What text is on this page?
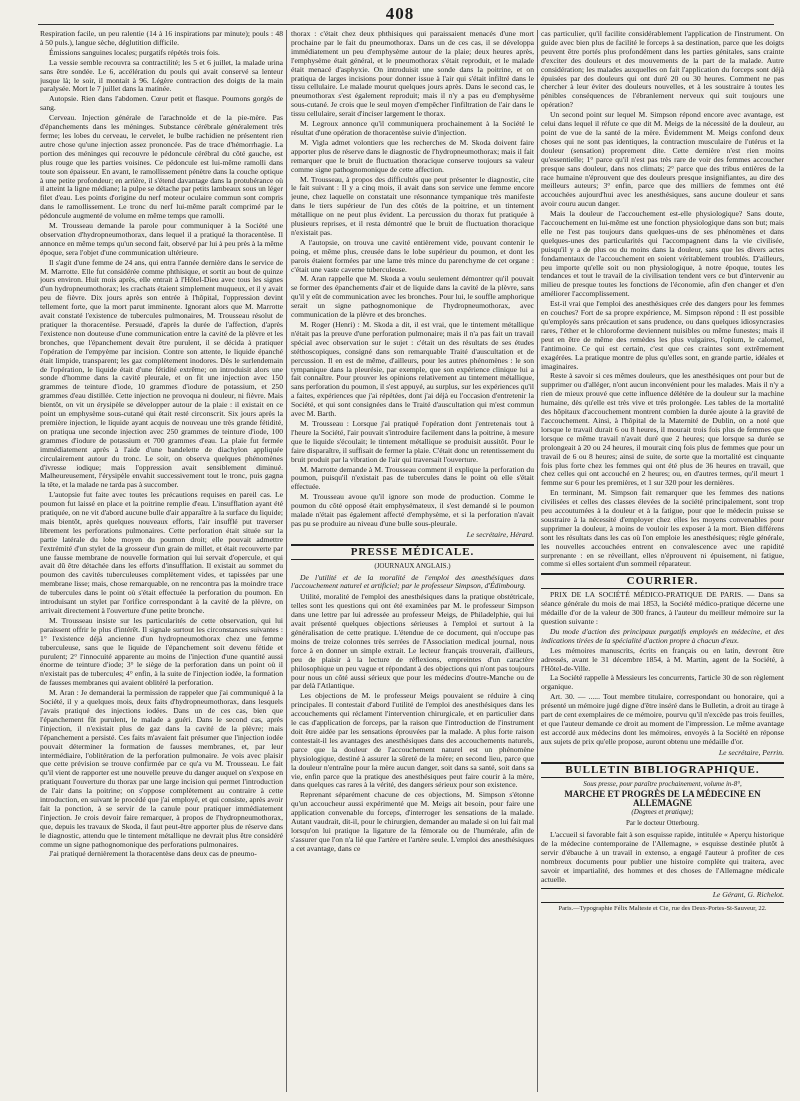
408

Respiration facile, un peu ralentie (14 à 16 inspirations par minute); pouls : 48 à 50 puls.), langue sèche, déglutition difficile.

Émissions sanguines locales; purgatifs répétés trois fois.

La vessie semble recouvra sa contractilité; les 5 et 6 juillet, la malade urina sans être sondée. Le 6, accélération du pouls qui avait conservé sa lenteur jusque là; le soir, il montait à 96. Légère contraction des doigts de la main paralysée. Mort le 7 juillet dans la matinée.

Autopsie. Rien dans l'abdomen. Cœur petit et flasque. Poumons gorgés de sang.

Cerveau. Injection générale de l'arachnoïde et de la pie-mère. Pas d'épanchements dans les méninges. Substance cérébrale généralement très ferme; les lobes du cerveau, le cervelet, le bulbe rachidien ne présentent rien autre chose qu'une injection assez prononcée. Pas de trace d'hémorrhagie. La portion des méninges qui recouvre le pédoncule cérébral du côté gauche, est plus rouge que les parties voisines. Ce pédoncule est lui-même ramolli dans toute son épaisseur. En avant, le ramollissement pénètre dans la couche optique à une petite profondeur; en arrière, il s'étend davantage dans la protubérance où il atteint la ligne médiane; la pulpe se détache par petits lambeaux sous un léger filet d'eau. Les points d'origine du nerf moteur oculaire commun sont compris dans le ramollissement. Le tronc du nerf lui-même paraît comprimé par le pédoncule augmenté de volume en même temps que ramolli.

M. Trousseau demande la parole pour communiquer à la Société une observation d'hydropneumothorax, dans lequel il a pratiqué la thoracentèse. Il annonce en même temps qu'un second fait, observé par lui à peu près à la même époque, sera l'objet d'une communication ultérieure.

Il s'agit d'une femme de 24 ans, qui entra l'année dernière dans le service de M. Marrotte. Elle fut considérée comme phthisique, et sortit au bout de quinze jours environ. Huit mois après, elle entrait à l'Hôtel-Dieu avec tous les signes d'un hydropneumothorax; les crachats étaient simplement muqueux, et il y avait peu de fièvre. Dix jours après son entrée à l'hôpital, l'oppression devint tellement forte, que la mort parut imminente. Ignorant alors que M. Marrotte avait constaté l'existence de tubercules pulmonaires, M. Trousseau résolut de pratiquer la thoracentèse. Persuadé, d'après la durée de l'affection, d'après l'existence non douteuse d'une communication entre la cavité de la plèvre et les bronches, que l'épanchement devait être purulent, il se décida à pratiquer l'opération de l'empyème par incision. Contre son attente, le liquide épanché était limpide, transparent; les gaz complètement inodores. Dès le surlendemain de l'opération, le liquide était d'une fétidité extrême; on introduisit alors une sonde d'homme dans la cavité pleurale, et on fit une injection avec 150 grammes de teinture d'iode, 10 grammes d'iodure de potassium, et 250 grammes d'eau distillée. Cette injection ne provoqua ni douleur, ni fièvre. Mais bientôt, on vit un érysipèle se développer autour de la plaie : il existait en ce point un emphysème sous-cutané qui était resté circonscrit. Six jours après la première injection, le liquide ayant acquis de nouveau une très grande fétidité, on pratiqua une seconde injection avec 250 grammes de teinture d'iode, 100 grammes d'iodure de potassium et 700 grammes d'eau. La plaie fut fermée immédiatement après à l'aide d'une bandelette de diachylon appliquée circulairement autour du tronc. Le soir, on observa quelques phénomènes d'ivresse iodique; mais l'oppression avait sensiblement diminué. Malheureusement, l'érysipèle envahit successivement tout le tronc, puis gagna la tête, et la malade ne tarda pas à succomber.

L'autopsie fut faite avec toutes les précautions requises en pareil cas. Le poumon fut laissé en place et la poitrine remplie d'eau. L'insufflation ayant été pratiquée, on ne vit d'abord aucune bulle d'air apparaître à la surface du liquide; mais bientôt, après quelques nouveaux efforts, l'air insufflé put traverser librement les perforations pulmonaires. Cette perforation était située sur la partie latérale du lobe moyen du poumon droit; elle pouvait admettre l'extrémité d'un stylet de la grosseur d'un grain de millet, et était recouverte par une fausse membrane de nouvelle formation qui lui servait d'opercule, et qui avait dû être détachée dans les efforts d'insufflation. Il existait au sommet du poumon des cavités tuberculeuses complètement vides, et tapissées par une membrane lisse; mais, chose remarquable, on ne rencontra pas la moindre trace de tubercules dans le point où s'était effectuée la perforation du poumon. En introduisant un stylet par l'orifice correspondant à la cavité de la plèvre, on arrivait directement à l'ouverture d'une petite bronche.

M. Trousseau insiste sur les particularités de cette observation, qui lui paraissent offrir le plus d'intérêt. Il signale surtout les circonstances suivantes : 1° l'existence déjà ancienne d'un hydropneumothorax chez une femme tuberculeuse, sans que le liquide de l'épanchement soit devenu fétide et purulent; 2° l'innocuité apparente au moins de l'injection d'une quantité aussi énorme de teinture d'iode; 3° le siège de la perforation dans un point où il n'existait pas de tubercules; 4° enfin, à la suite de l'injection iodée, la formation de fausses membranes qui avaient oblitéré la perforation.

M. Aran : Je demanderai la permission de rappeler que j'ai communiqué à la Société, il y a quelques mois, deux faits d'hydropneumothorax, dans lesquels j'avais pratiqué des injections iodées. Dans un de ces cas, bien que l'épanchement fût purulent, le malade a guéri. Dans le second cas, après l'injection, il n'existait plus de gaz dans la cavité de la plèvre; mais l'épanchement a persisté. Ces faits m'avaient fait présumer que l'injection iodée pouvait déterminer la formation de fausses membranes, et, par leur intermédiaire, l'oblitération de la perforation pulmonaire. Je vois avec plaisir que cette prévision se trouve confirmée par ce qu'a vu M. Trousseau. Le fait qu'il vient de rapporter est une nouvelle preuve du danger auquel on s'expose en pratiquant l'ouverture du thorax par une large incision qui permet l'introduction de l'air dans la poitrine; on s'oppose complètement au contraire à cette introduction, en suivant le procédé que j'ai employé, et qui consiste, après avoir fait la ponction, à se servir de la canule pour pratiquer immédiatement l'injection. Je crois devoir faire remarquer, à propos de l'hydropneumothorax, que, depuis les travaux de Skoda, il faut peut-être apporter plus de réserve dans le diagnostic, attendu que le tintement métallique ne devrait plus être considéré comme un signe pathognomonique des perforations pulmonaires.

J'ai pratiqué dernièrement la thoracentèse dans deux cas de pneumo-

thorax : c'était chez deux phthisiques qui paraissaient menacés d'une mort prochaine par le fait du pneumothorax. Dans un de ces cas, il se développa immédiatement un peu d'emphysème autour de la plaie; deux heures après, l'emphysème était général, et le pneumothorax s'était reproduit, et le malade était menacé d'asphyxie. On introduisit une sonde dans la poitrine, et on pratiqua de larges incisions pour donner issue à l'air qui s'était infiltré dans le tissu cellulaire. Le malade mourut quelques jours après. Dans le second cas, le pneumothorax s'est également reproduit; mais il n'y a pas eu d'emphysème sous-cutané. Je crois que le seul moyen d'empêcher l'infiltration de l'air dans le tissu cellulaire, serait d'inciser largement le thorax.

M. Legroux annonce qu'il communiquera prochainement à la Société le résultat d'une opération de thoracentèse suivie d'injection.

M. Vigla admet volontiers que les recherches de M. Skoda doivent faire apporter plus de réserve dans le diagnostic de l'hydropneumothorax; mais il fait remarquer que le bruit de fluctuation thoracique conserve toujours sa valeur comme signe pathognomonique de cette affection.

M. Trousseau, à propos des difficultés que peut présenter le diagnostic, cite le fait suivant : Il y a cinq mois, il avait dans son service une femme encore jeune, chez laquelle on constatait une résonnance tympanique très manifeste dans le tiers supérieur de l'un des côtés de la poitrine, et un tintement métallique on ne peut plus évident. La percussion du thorax fut pratiquée à plusieurs reprises, et il resta démontré que le bruit de fluctuation thoracique n'existait pas.

A l'autopsie, on trouva une cavité entièrement vide, pouvant contenir le poing, et même plus, creusée dans le lobe supérieur du poumon, et dont les parois étaient formées par une lame très mince du parenchyme de cet organe : c'était une vaste caverne tuberculeuse.

M. Aran rappelle que M. Skoda a voulu seulement démontrer qu'il pouvait se former des épanchements d'air et de liquide dans la cavité de la plèvre, sans qu'il y eût de communication avec les bronches. Pour lui, le souffle amphorique serait un signe pathognomonique de l'hydropneumothorax, avec communication de la plèvre et des bronches.

M. Roger (Henri) : M. Skoda a dit, il est vrai, que le tintement métallique n'était pas la preuve d'une perforation pulmonaire; mais il n'a pas fait un travail spécial avec observation sur le sujet : c'était un des résultats de ses études stéthoscopiques, consigné dans son remarquable Traité d'auscultation et de percussion. Il en est de même, d'ailleurs, pour les autres phénomènes : le son tympanique dans la pleurésie, par exemple, que son expérience clinique lui a fait connaître. Pour prouver les opinions relativement au tintement métallique, sans perforation du poumon, il s'est appuyé, au surplus, sur les expériences qu'il a faites, expériences que j'ai répétées, dont j'ai déjà eu l'occasion d'entretenir la Société, et qui sont consignées dans le Traité d'auscultation qui m'est commun avec M. Barth.

M. Trousseau : Lorsque j'ai pratiqué l'opération dont j'entretenais tout à l'heure la Société, l'air pouvait s'introduire facilement dans la poitrine, à mesure que le liquide s'écoulait; le tintement métallique se produisit aussitôt. Pour le faire disparaître, il suffisait de fermer la plaie. C'était donc un retentissement du bruit produit par la vibration de l'air qui traversait l'ouverture.

M. Marrotte demande à M. Trousseau comment il explique la perforation du poumon, puisqu'il n'existait pas de tubercules dans le point où elle s'était effectuée.

M. Trousseau avoue qu'il ignore son mode de production. Comme le poumon du côté opposé était emphysémateux, il s'est demandé si le poumon malade n'était pas également affecté d'emphysème, et si la perforation n'avait pas pu se produire au niveau d'une bulle sous-pleurale.

Le secrétaire, Hérard.
PRESSE MÉDICALE.
(JOURNAUX ANGLAIS.)
De l'utilité et de la moralité de l'emploi des anesthésiques dans l'accouchement naturel et artificiel; par le professeur Simpson, d'Édimbourg.

Utilité, moralité de l'emploi des anesthésiques dans la pratique obstétricale, telles sont les questions qui ont été examinées par M. le professeur Simpson dans une lettre par lui adressée au professeur Meigs, de Philadelphie, qui lui avait présenté quelques objections sérieuses à l'emploi et surtout à la généralisation de cette pratique. L'étendue de ce document, qui n'occupe pas moins de treize colonnes très serrées de l'Association medical journal, nous force à en donner un simple extrait. Le lecteur français trouverait, d'ailleurs, peu de plaisir à la lecture de réflexions, empreintes d'un caractère philosophique un peu vague et répondant à des objections qui n'ont pas toujours pour nous un côté aussi sérieux que pour les médecins d'outre-Manche ou de par delà l'Atlantique.

Les objections de M. le professeur Meigs pouvaient se réduire à cinq principales. Il contestait d'abord l'utilité de l'emploi des anesthésiques dans les accouchements qui réclament l'intervention chirurgicale, et en particulier dans le cas d'application de forceps, par la raison que l'introduction de l'instrument doit être aidée par les sensations éprouvées par la malade. A plus forte raison contestait-il les avantages des anesthésiques dans des accouchements naturels, parce que la douleur de l'accouchement naturel est un phénomène physiologique, destiné à assurer la sûreté de la mère; en second lieu, parce que la douleur n'entraîne pour la mère aucun danger, soit dans sa santé, soit dans sa vie, enfin parce que la pratique des anesthésiques peut faire courir à la mère, dans quelques cas rares à la vérité, des dangers sérieux pour son existence.

Reprenant séparément chacune de ces objections, M. Simpson s'étonne qu'un accoucheur aussi expérimenté que M. Meigs ait besoin, pour faire une application convenable du forceps, d'interroger les sensations de la malade. Autant vaudrait, dit-il, pour le chirurgien, demander au malade si on lui fait mal lorsqu'on lui pratique la ligature de la fémorale ou de l'humérale, afin de s'assurer que l'on n'a lié que l'artère et l'artère seule. L'emploi des anesthésiques a cet avantage, dans ce

cas particulier, qu'il facilite considérablement l'application de l'instrument. On guide avec bien plus de facilité le forceps à sa destination, parce que les doigts peuvent être portés plus profondément dans les parties génitales, sans crainte d'exciter des douleurs et des mouvements de la part de la malade. Autre considération; les malades auxquelles on fait l'application du forceps sont déjà épuisées par des douleurs qui ont duré 20 ou 30 heures. Comment ne pas chercher à leur éviter des douleurs nouvelles, et à les soustraire à toutes les pénibles conséquences de l'ébranlement nerveux qui suit toujours une opération?

Un second point sur lequel M. Simpson répond encore avec avantage, est celui dans lequel il réfute ce que dit M. Meigs de la nécessité de la douleur, au point de vue de la santé de la mère. Évidemment M. Meigs confond deux choses qui ne sont pas identiques, la contraction musculaire de l'utérus et la douleur (sensation) proprement dite. Cette dernière n'est rien moins qu'essentielle; 1° parce qu'il n'est pas très rare de voir des femmes accoucher presque sans douleur, dans nos climats; 2° parce que des tribus entières de la race humaine n'éprouvent que des douleurs presque insignifiantes, au dire des meilleurs auteurs; 3° enfin, parce que des milliers de femmes ont été accouchées aujourd'hui avec les anesthésiques, sans aucune douleur et sans avoir couru aucun danger.

Mais la douleur de l'accouchement est-elle physiologique? Sans doute, l'accouchement en lui-même est une fonction physiologique dans son but; mais elle ne l'est pas toujours dans quelques-uns de ses phénomènes et dans quelques-unes des particularités qui l'accompagnent dans la vie civilisée, puisqu'il y a de plus ou du moins dans la douleur, sans que les divers actes fondamentaux de l'accouchement en soient véritablement troublés. D'ailleurs, peu importe qu'elle soit ou non physiologique, à notre époque, toutes les tendances et tout le travail de la civilisation tendent vers ce but d'intervenir au milieu de presque toutes les fonctions de l'économie, afin d'en changer et d'en améliorer l'accomplissement.

Est-il vrai que l'emploi des anesthésiques crée des dangers pour les femmes en couches? Fort de sa propre expérience, M. Simpson répond : Il est possible qu'employés sans précaution et sans prudence, ou dans quelques idiosyncrasies rares, l'éther et le chloroforme deviennent nuisibles ou même funestes; mais il peut en être de même des remèdes les plus vulgaires, l'opium, le calomel, l'antimoine. Ce qui est certain, c'est que ces craintes sont extrêmement exagérées. La pratique montre de plus qu'elles sont, en grande partie, idéales et imaginaires.

Reste à savoir si ces mêmes douleurs, que les anesthésiques ont pour but de supprimer ou d'alléger, n'ont aucun inconvénient pour les malades. Mais il n'y a rien de mieux prouvé que cette influence délétère de la douleur sur la machine humaine, dès qu'elle est très vive et très prolongée. Les tables de la mortalité des hôpitaux d'accouchement montrent combien la durée ajoute à la gravité de l'accouchement. Ainsi, à l'hôpital de la Maternité de Dublin, on a noté que lorsque le travail durait 6 ou 8 heures, il mourait trois fois plus de femmes que lorsque ce même travail n'avait duré que 2 heures; que lorsque sa durée se prolongeait à 20 ou 24 heures, il mourait cinq fois plus de femmes que pour un travail de 6 ou 8 heures; ainsi de suite, de sorte que la mortalité est cinquante fois plus forte chez les femmes qui ont été plus de 36 heures en travail, que chez celles qui ont accouché en 2 heures; ou, en d'autres termes, qu'il meurt 1 femme sur 6 pour les premières, et 1 sur 320 pour les dernières.

En terminant, M. Simpson fait remarquer que les femmes des nations civilisées et celles des classes élevées de la société principalement, sont trop peu accoutumées à la douleur et à la fatigue, pour que le médecin puisse se soustraire à la nécessité d'employer chez elles les moyens convenables pour supprimer la douleur, à moins de vouloir les exposer à la mort. Bien différens sont les résultats dans les cas où l'on emploie les anesthésiques; règle générale, les nouvelles accouchées entrent en convalescence avec une rapidité surprenante : en se réveillant, elles n'éprouvent ni épuisement, ni fatigue, comme si elles sortaient d'un sommeil réparateur.

COURRIER.

PRIX DE LA SOCIÉTÉ MÉDICO-PRATIQUE DE PARIS. — Dans sa séance générale du mois de mai 1853, la Société médico-pratique décerne une médaille d'or de la valeur de 300 francs, à l'auteur du meilleur mémoire sur la question suivante :

Du mode d'action des principaux purgatifs employés en médecine, et des indications tirées de la spécialité d'action propre à chacun d'eux.

Les mémoires manuscrits, écrits en français ou en latin, devront être adressés, avant le 31 décembre 1854, à M. Martin, agent de la Société, à l'Hôtel-de-Ville.

La Société rappelle à Messieurs les concurrents, l'article 30 de son règlement organique.

Art. 30. — ...... Tout membre titulaire, correspondant ou honoraire, qui a présenté un mémoire jugé digne d'être inséré dans le Bulletin, a droit au tirage à part de cent exemplaires de ce mémoire, pourvu qu'il n'excède pas trois feuilles, et que l'auteur demande ce droit au moment de l'impression. Le même avantage est accordé aux médecins dont les mémoires, envoyés à la Société en réponse aux sujets de prix qu'elle propose, auront obtenu une médaille d'or.

Le secrétaire, Perrin.
BULLETIN BIBLIOGRAPHIQUE.
Sous presse, pour paraître prochainement, volume in-8°,
MARCHE ET PROGRÈS DE LA MÉDECINE EN ALLEMAGNE
(Dogmes et pratique);
Par le docteur Otterbourg.

L'accueil si favorable fait à son esquisse rapide, intitulée « Aperçu historique de la médecine contemporaine de l'Allemagne, » esquisse destinée plutôt à servir d'ébauche à un travail in extenso, a engagé l'auteur à profiter de ces nombreux documents pour publier une histoire complète qui traitera, avec savoir et impartialité, des hommes et des choses de l'Allemagne médicale actuelle.

Le Gérant, G. Richelot.
Paris.—Typographie Félix Malteste et Cie, rue des Deux-Portes-St-Sauveur, 22.
